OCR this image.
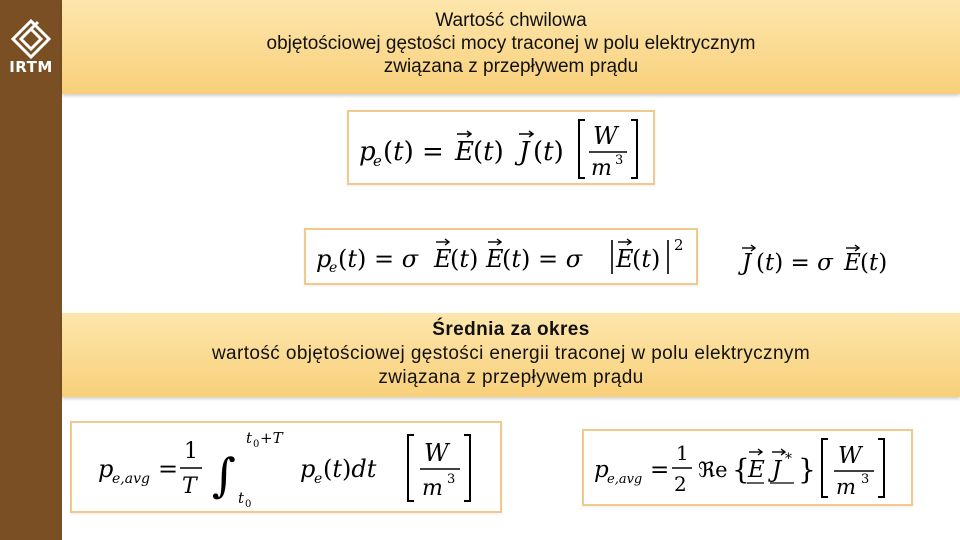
IRTM
Wartość chwilowa
objętościowej gęstości mocy traconej w polu elektrycznym
związana z przepływem prądu
p
e (t) = E (t) J (t)
W
m 3
p
e (t) = σ E
(t) E
(t) = σ E
(t) 2
J (t) = σ E (t)
Średnia za okres
wartość objętościowej gęstości energii traconej w polu elektrycznym
związana z przepływem prądu
p
e,avg =
1
T ∫
t 0 +T
t 0
p
e (t)dt
W
m 3	p
e,avg =
1
2
ℜe {
E J * } W
m 3
